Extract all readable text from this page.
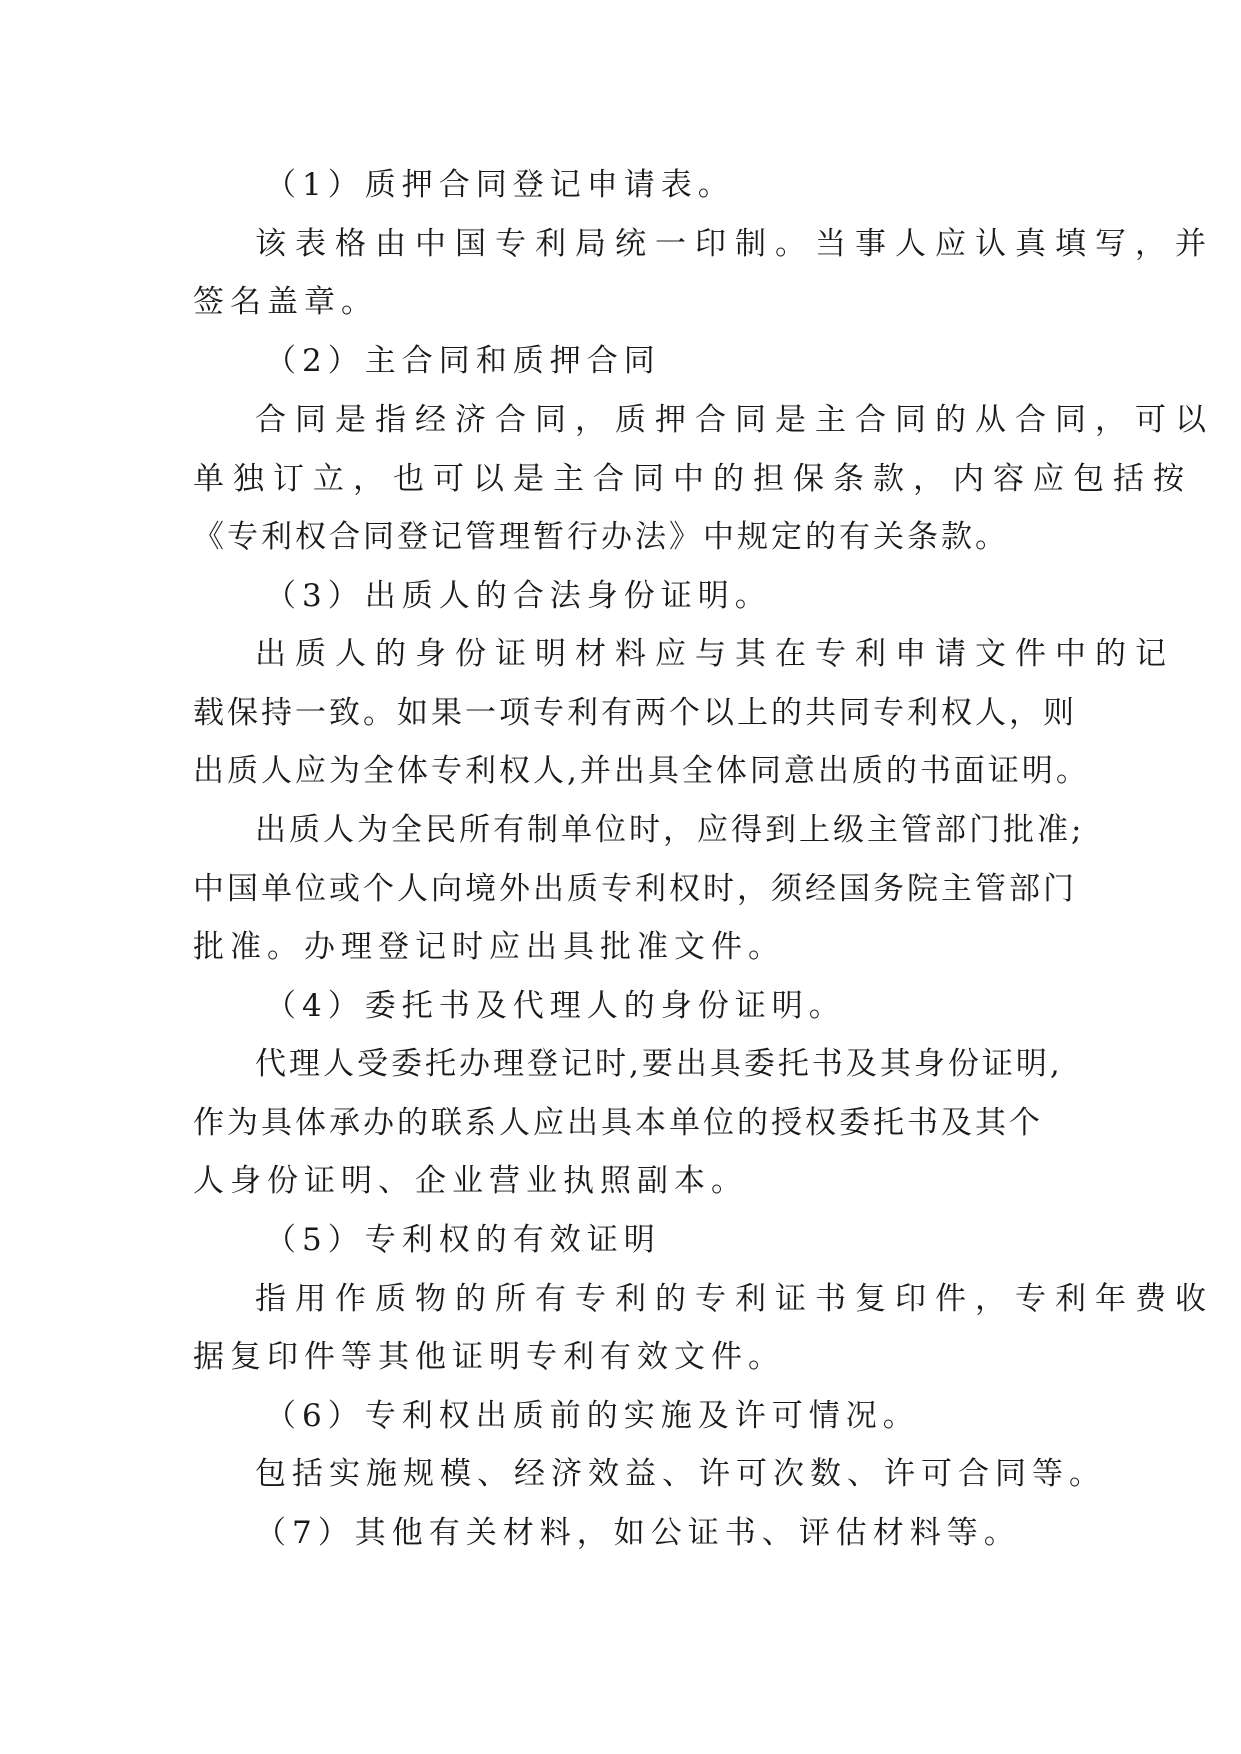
（1）质押合同登记申请表。
该表格由中国专利局统一印制。当事人应认真填写，并
签名盖章。
（2）主合同和质押合同
合同是指经济合同，质押合同是主合同的从合同，可以
单独订立，也可以是主合同中的担保条款，内容应包括按
《专利权合同登记管理暂行办法》中规定的有关条款。
（3）出质人的合法身份证明。
出质人的身份证明材料应与其在专利申请文件中的记
载保持一致。如果一项专利有两个以上的共同专利权人，则
出质人应为全体专利权人,并出具全体同意出质的书面证明。
出质人为全民所有制单位时，应得到上级主管部门批准;
中国单位或个人向境外出质专利权时，须经国务院主管部门
批准。办理登记时应出具批准文件。
（4）委托书及代理人的身份证明。
代理人受委托办理登记时,要出具委托书及其身份证明,
作为具体承办的联系人应出具本单位的授权委托书及其个
人身份证明、企业营业执照副本。
（5）专利权的有效证明
指用作质物的所有专利的专利证书复印件，专利年费收
据复印件等其他证明专利有效文件。
（6）专利权出质前的实施及许可情况。
包括实施规模、经济效益、许可次数、许可合同等。
（7）其他有关材料，如公证书、评估材料等。
